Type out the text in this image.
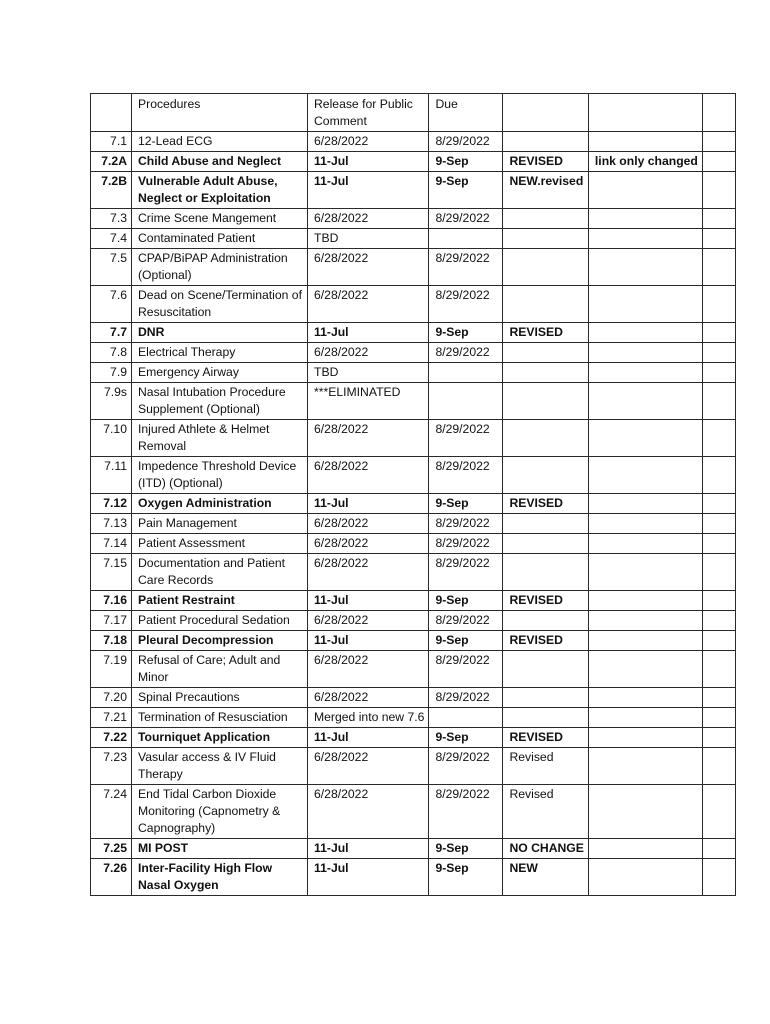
	Procedures	Release for Public Comment	Due			
7.1	12-Lead ECG	6/28/2022	8/29/2022			
7.2A	Child Abuse and Neglect	11-Jul	9-Sep	REVISED	link only changed	
7.2B	Vulnerable Adult Abuse, Neglect or Exploitation	11-Jul	9-Sep	NEW.revised		
7.3	Crime Scene Mangement	6/28/2022	8/29/2022			
7.4	Contaminated Patient	TBD				
7.5	CPAP/BiPAP Administration (Optional)	6/28/2022	8/29/2022			
7.6	Dead on Scene/Termination of Resuscitation	6/28/2022	8/29/2022			
7.7	DNR	11-Jul	9-Sep	REVISED		
7.8	Electrical Therapy	6/28/2022	8/29/2022			
7.9	Emergency Airway	TBD				
7.9s	Nasal Intubation Procedure Supplement (Optional)	***ELIMINATED				
7.10	Injured Athlete & Helmet Removal	6/28/2022	8/29/2022			
7.11	Impedence Threshold Device (ITD) (Optional)	6/28/2022	8/29/2022			
7.12	Oxygen Administration	11-Jul	9-Sep	REVISED		
7.13	Pain Management	6/28/2022	8/29/2022			
7.14	Patient Assessment	6/28/2022	8/29/2022			
7.15	Documentation and Patient Care Records	6/28/2022	8/29/2022			
7.16	Patient Restraint	11-Jul	9-Sep	REVISED		
7.17	Patient Procedural Sedation	6/28/2022	8/29/2022			
7.18	Pleural Decompression	11-Jul	9-Sep	REVISED		
7.19	Refusal of Care; Adult and Minor	6/28/2022	8/29/2022			
7.20	Spinal Precautions	6/28/2022	8/29/2022			
7.21	Termination of Resusciation	Merged into new 7.6				
7.22	Tourniquet Application	11-Jul	9-Sep	REVISED		
7.23	Vasular access & IV Fluid Therapy	6/28/2022	8/29/2022	Revised		
7.24	End Tidal Carbon Dioxide Monitoring (Capnometry & Capnography)	6/28/2022	8/29/2022	Revised		
7.25	MI POST	11-Jul	9-Sep	NO CHANGE		
7.26	Inter-Facility High Flow Nasal Oxygen	11-Jul	9-Sep	NEW		
